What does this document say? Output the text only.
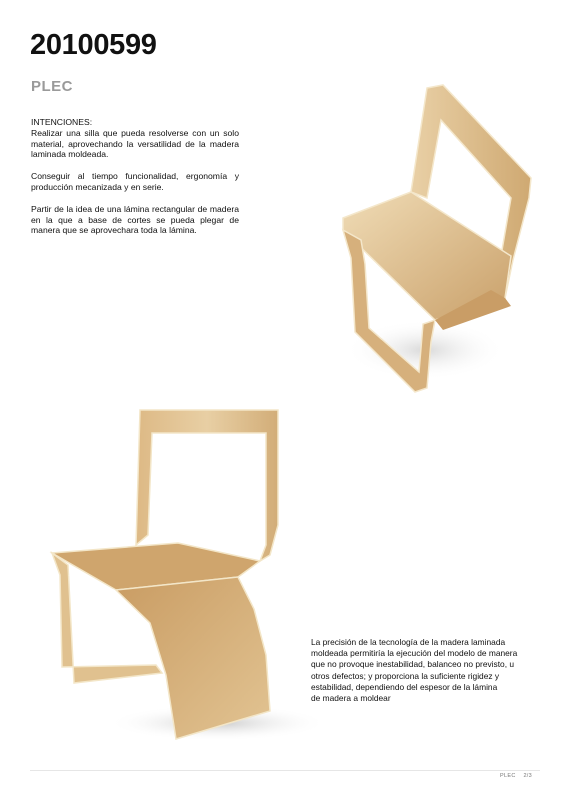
20100599
PLEC

INTENCIONES:

Realizar una silla que pueda resolverse con un solo material, aprovechando la versatilidad de la madera laminada moldeada.

Conseguir al tiempo funcionalidad, ergonomía y producción mecanizada y en serie.

Partir de la idea de una lámina rectangular de madera en la que a base de cortes se pueda plegar de manera que se aprovechara toda la lámina.

La precisión de la tecnología de la madera laminada
moldeada permitiría la ejecución del modelo de manera
que no provoque inestabilidad, balanceo no previsto, u
otros defectos; y proporciona la suficiente rigidez y
estabilidad, dependiendo del espesor de la lámina
de madera a moldear
PLEC 2/3
